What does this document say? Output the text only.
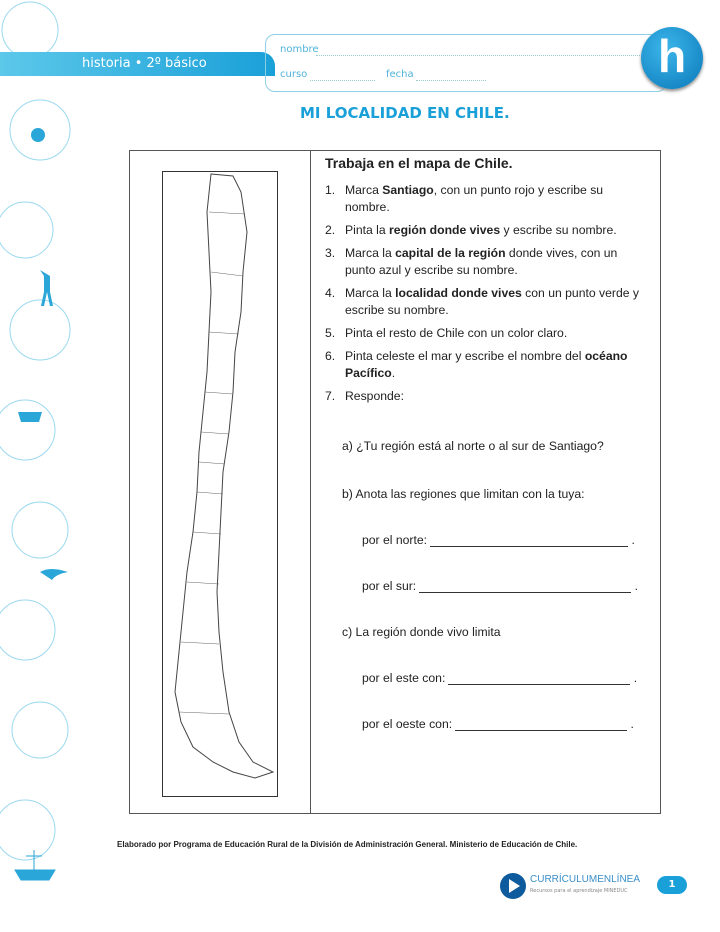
historia • 2º básico
nombre
curso	fecha	h
MI LOCALIDAD EN CHILE.
Trabaja en el mapa de Chile.
1. Marca Santiago, con un punto rojo y escribe su nombre.
2. Pinta la región donde vives y escribe su nombre.
3. Marca la capital de la región donde vives, con un punto azul y escribe su nombre.
4. Marca la localidad donde vives con un punto verde y escribe su nombre.
5. Pinta el resto de Chile con un color claro.
6. Pinta celeste el mar y escribe el nombre del océano Pacífico.
7. Responde:
a) ¿Tu región está al norte o al sur de Santiago?
b) Anota las regiones que limitan con la tuya:
por el norte:	.
por el sur:	.
c) La región donde vivo limita
por el este con:	.
por el oeste con:	.
Elaborado por Programa de Educación Rural de la División de Administración General. Ministerio de Educación de Chile.
CURRÍCULUMENLÍNEA
Recursos para el aprendizaje MINEDUC
1
